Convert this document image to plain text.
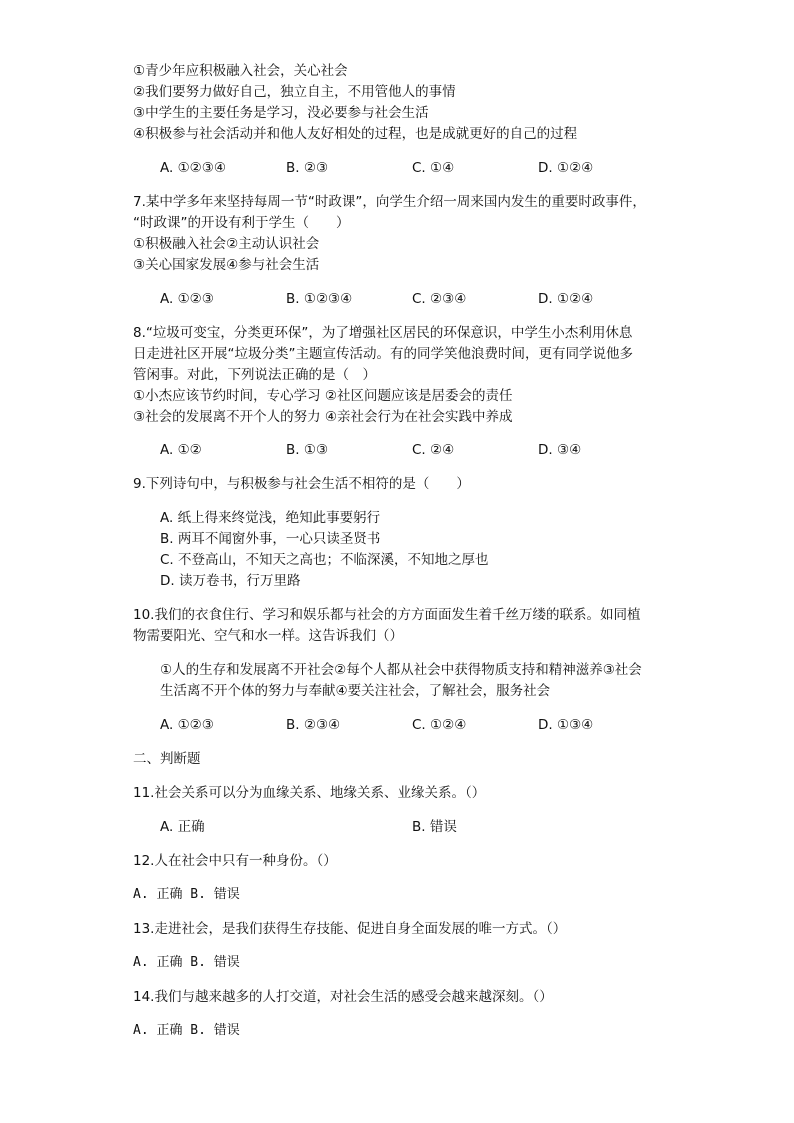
①青少年应积极融入社会，关心社会
②我们要努力做好自己，独立自主，不用管他人的事情
③中学生的主要任务是学习，没必要参与社会生活
④积极参与社会活动并和他人友好相处的过程，也是成就更好的自己的过程
A. ①②③④	B. ②③	C. ①④	D. ①②④
7.某中学多年来坚持每周一节“时政课”，向学生介绍一周来国内发生的重要时政事件，
“时政课”的开设有利于学生（　　）
①积极融入社会②主动认识社会
③关心国家发展④参与社会生活
A. ①②③	B. ①②③④	C. ②③④	D. ①②④
8.“垃圾可变宝，分类更环保”，为了增强社区居民的环保意识，中学生小杰利用休息
日走进社区开展“垃圾分类”主题宣传活动。有的同学笑他浪费时间，更有同学说他多
管闲事。对此，下列说法正确的是（　）
①小杰应该节约时间，专心学习 ②社区问题应该是居委会的责任
③社会的发展离不开个人的努力 ④亲社会行为在社会实践中养成
A. ①②	B. ①③	C. ②④	D. ③④
9.下列诗句中，与积极参与社会生活不相符的是（　　）
A. 纸上得来终觉浅，绝知此事要躬行
B. 两耳不闻窗外事，一心只读圣贤书
C. 不登高山，不知天之高也；不临深溪，不知地之厚也
D. 读万卷书，行万里路
10.我们的衣食住行、学习和娱乐都与社会的方方面面发生着千丝万缕的联系。如同植
物需要阳光、空气和水一样。这告诉我们（）
①人的生存和发展离不开社会②每个人都从社会中获得物质支持和精神滋养③社会
生活离不开个体的努力与奉献④要关注社会，了解社会，服务社会
A. ①②③	B. ②③④	C. ①②④	D. ①③④
二、判断题
11.社会关系可以分为血缘关系、地缘关系、业缘关系。（）
A. 正确	B. 错误
12.人在社会中只有一种身份。（）
A. 正确 B. 错误
13.走进社会，是我们获得生存技能、促进自身全面发展的唯一方式。（）
A. 正确 B. 错误
14.我们与越来越多的人打交道，对社会生活的感受会越来越深刻。（）
A. 正确 B. 错误
